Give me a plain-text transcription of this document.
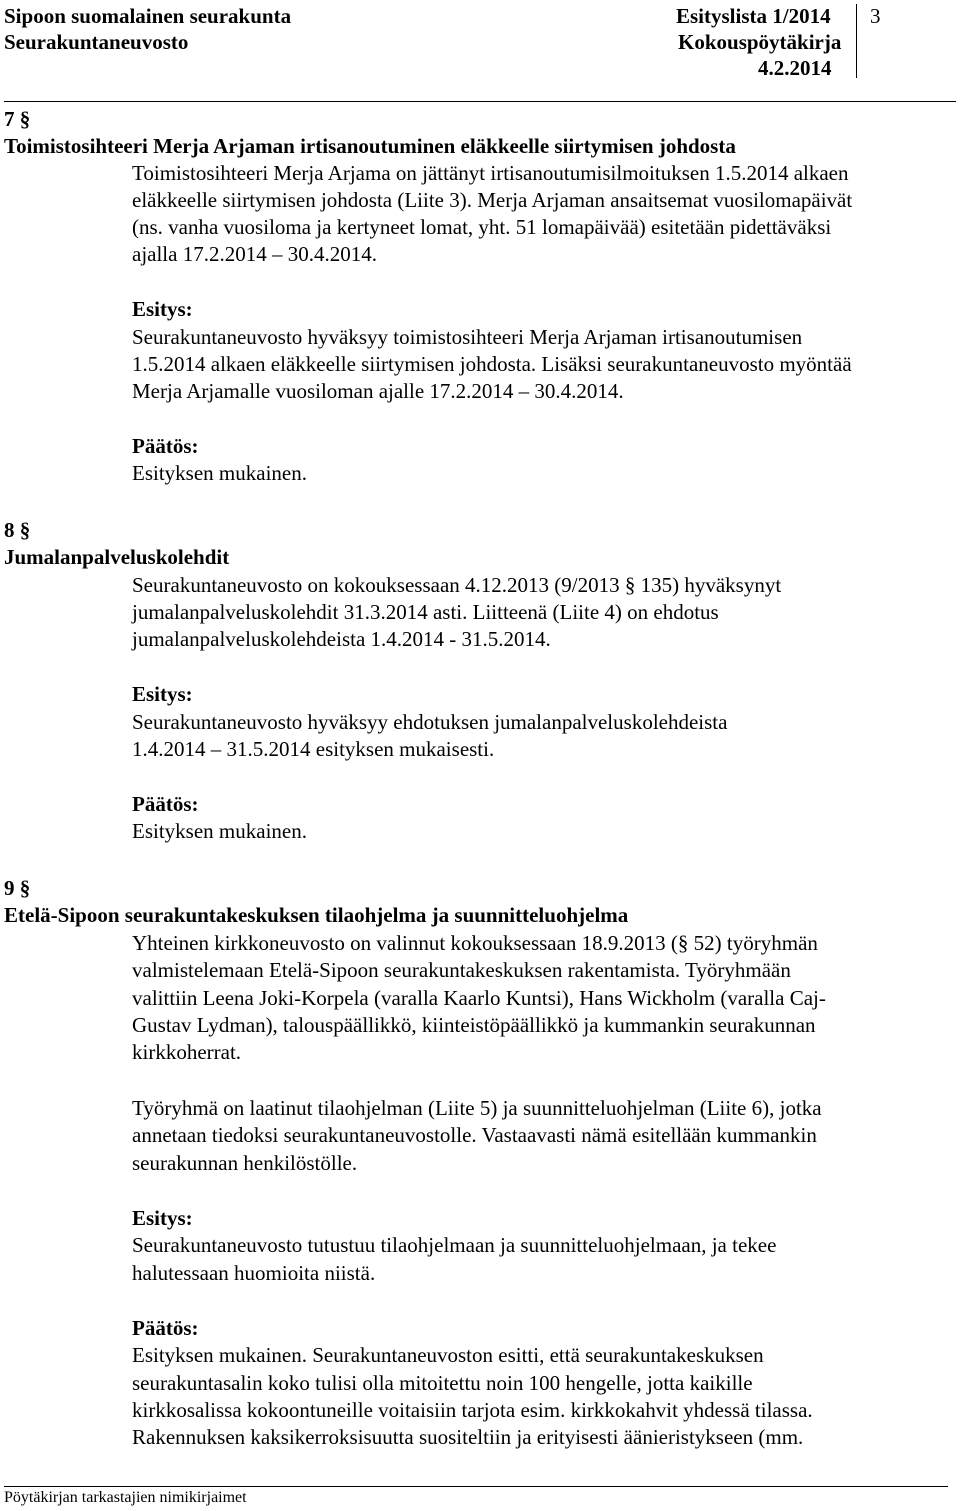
Sipoon suomalainen seurakunta
Seurakuntaneuvosto
Esityslista 1/2014
Kokouspöytäkirja
4.2.2014
3
7 §
Toimistosihteeri Merja Arjaman irtisanoutuminen eläkkeelle siirtymisen johdosta
Toimistosihteeri Merja Arjama on jättänyt irtisanoutumisilmoituksen 1.5.2014 alkaen
eläkkeelle siirtymisen johdosta (Liite 3). Merja Arjaman ansaitsemat vuosilomapäivät
(ns. vanha vuosiloma ja kertyneet lomat, yht. 51 lomapäivää) esitetään pidettäväksi
ajalla 17.2.2014 – 30.4.2014.
Esitys:
Seurakuntaneuvosto hyväksyy toimistosihteeri Merja Arjaman irtisanoutumisen
1.5.2014 alkaen eläkkeelle siirtymisen johdosta. Lisäksi seurakuntaneuvosto myöntää
Merja Arjamalle vuosiloman ajalle 17.2.2014 – 30.4.2014.
Päätös:
Esityksen mukainen.
8 §
Jumalanpalveluskolehdit
Seurakuntaneuvosto on kokouksessaan 4.12.2013 (9/2013 § 135) hyväksynyt
jumalanpalveluskolehdit 31.3.2014 asti. Liitteenä (Liite 4) on ehdotus
jumalanpalveluskolehdeista 1.4.2014 - 31.5.2014.
Esitys:
Seurakuntaneuvosto hyväksyy ehdotuksen jumalanpalveluskolehdeista
1.4.2014 – 31.5.2014 esityksen mukaisesti.
Päätös:
Esityksen mukainen.
9 §
Etelä-Sipoon seurakuntakeskuksen tilaohjelma ja suunnitteluohjelma
Yhteinen kirkkoneuvosto on valinnut kokouksessaan 18.9.2013 (§ 52) työryhmän
valmistelemaan Etelä-Sipoon seurakuntakeskuksen rakentamista. Työryhmään
valittiin Leena Joki-Korpela (varalla Kaarlo Kuntsi), Hans Wickholm (varalla Caj-
Gustav Lydman), talouspäällikkö, kiinteistöpäällikkö ja kummankin seurakunnan
kirkkoherrat.
Työryhmä on laatinut tilaohjelman (Liite 5) ja suunnitteluohjelman (Liite 6), jotka
annetaan tiedoksi seurakuntaneuvostolle. Vastaavasti nämä esitellään kummankin
seurakunnan henkilöstölle.
Esitys:
Seurakuntaneuvosto tutustuu tilaohjelmaan ja suunnitteluohjelmaan, ja tekee
halutessaan huomioita niistä.
Päätös:
Esityksen mukainen. Seurakuntaneuvoston esitti, että seurakuntakeskuksen
seurakuntasalin koko tulisi olla mitoitettu noin 100 hengelle, jotta kaikille
kirkkosalissa kokoontuneille voitaisiin tarjota esim. kirkkokahvit yhdessä tilassa.
Rakennuksen kaksikerroksisuutta suositeltiin ja erityisesti äänieristykseen (mm.
Pöytäkirjan tarkastajien nimikirjaimet
